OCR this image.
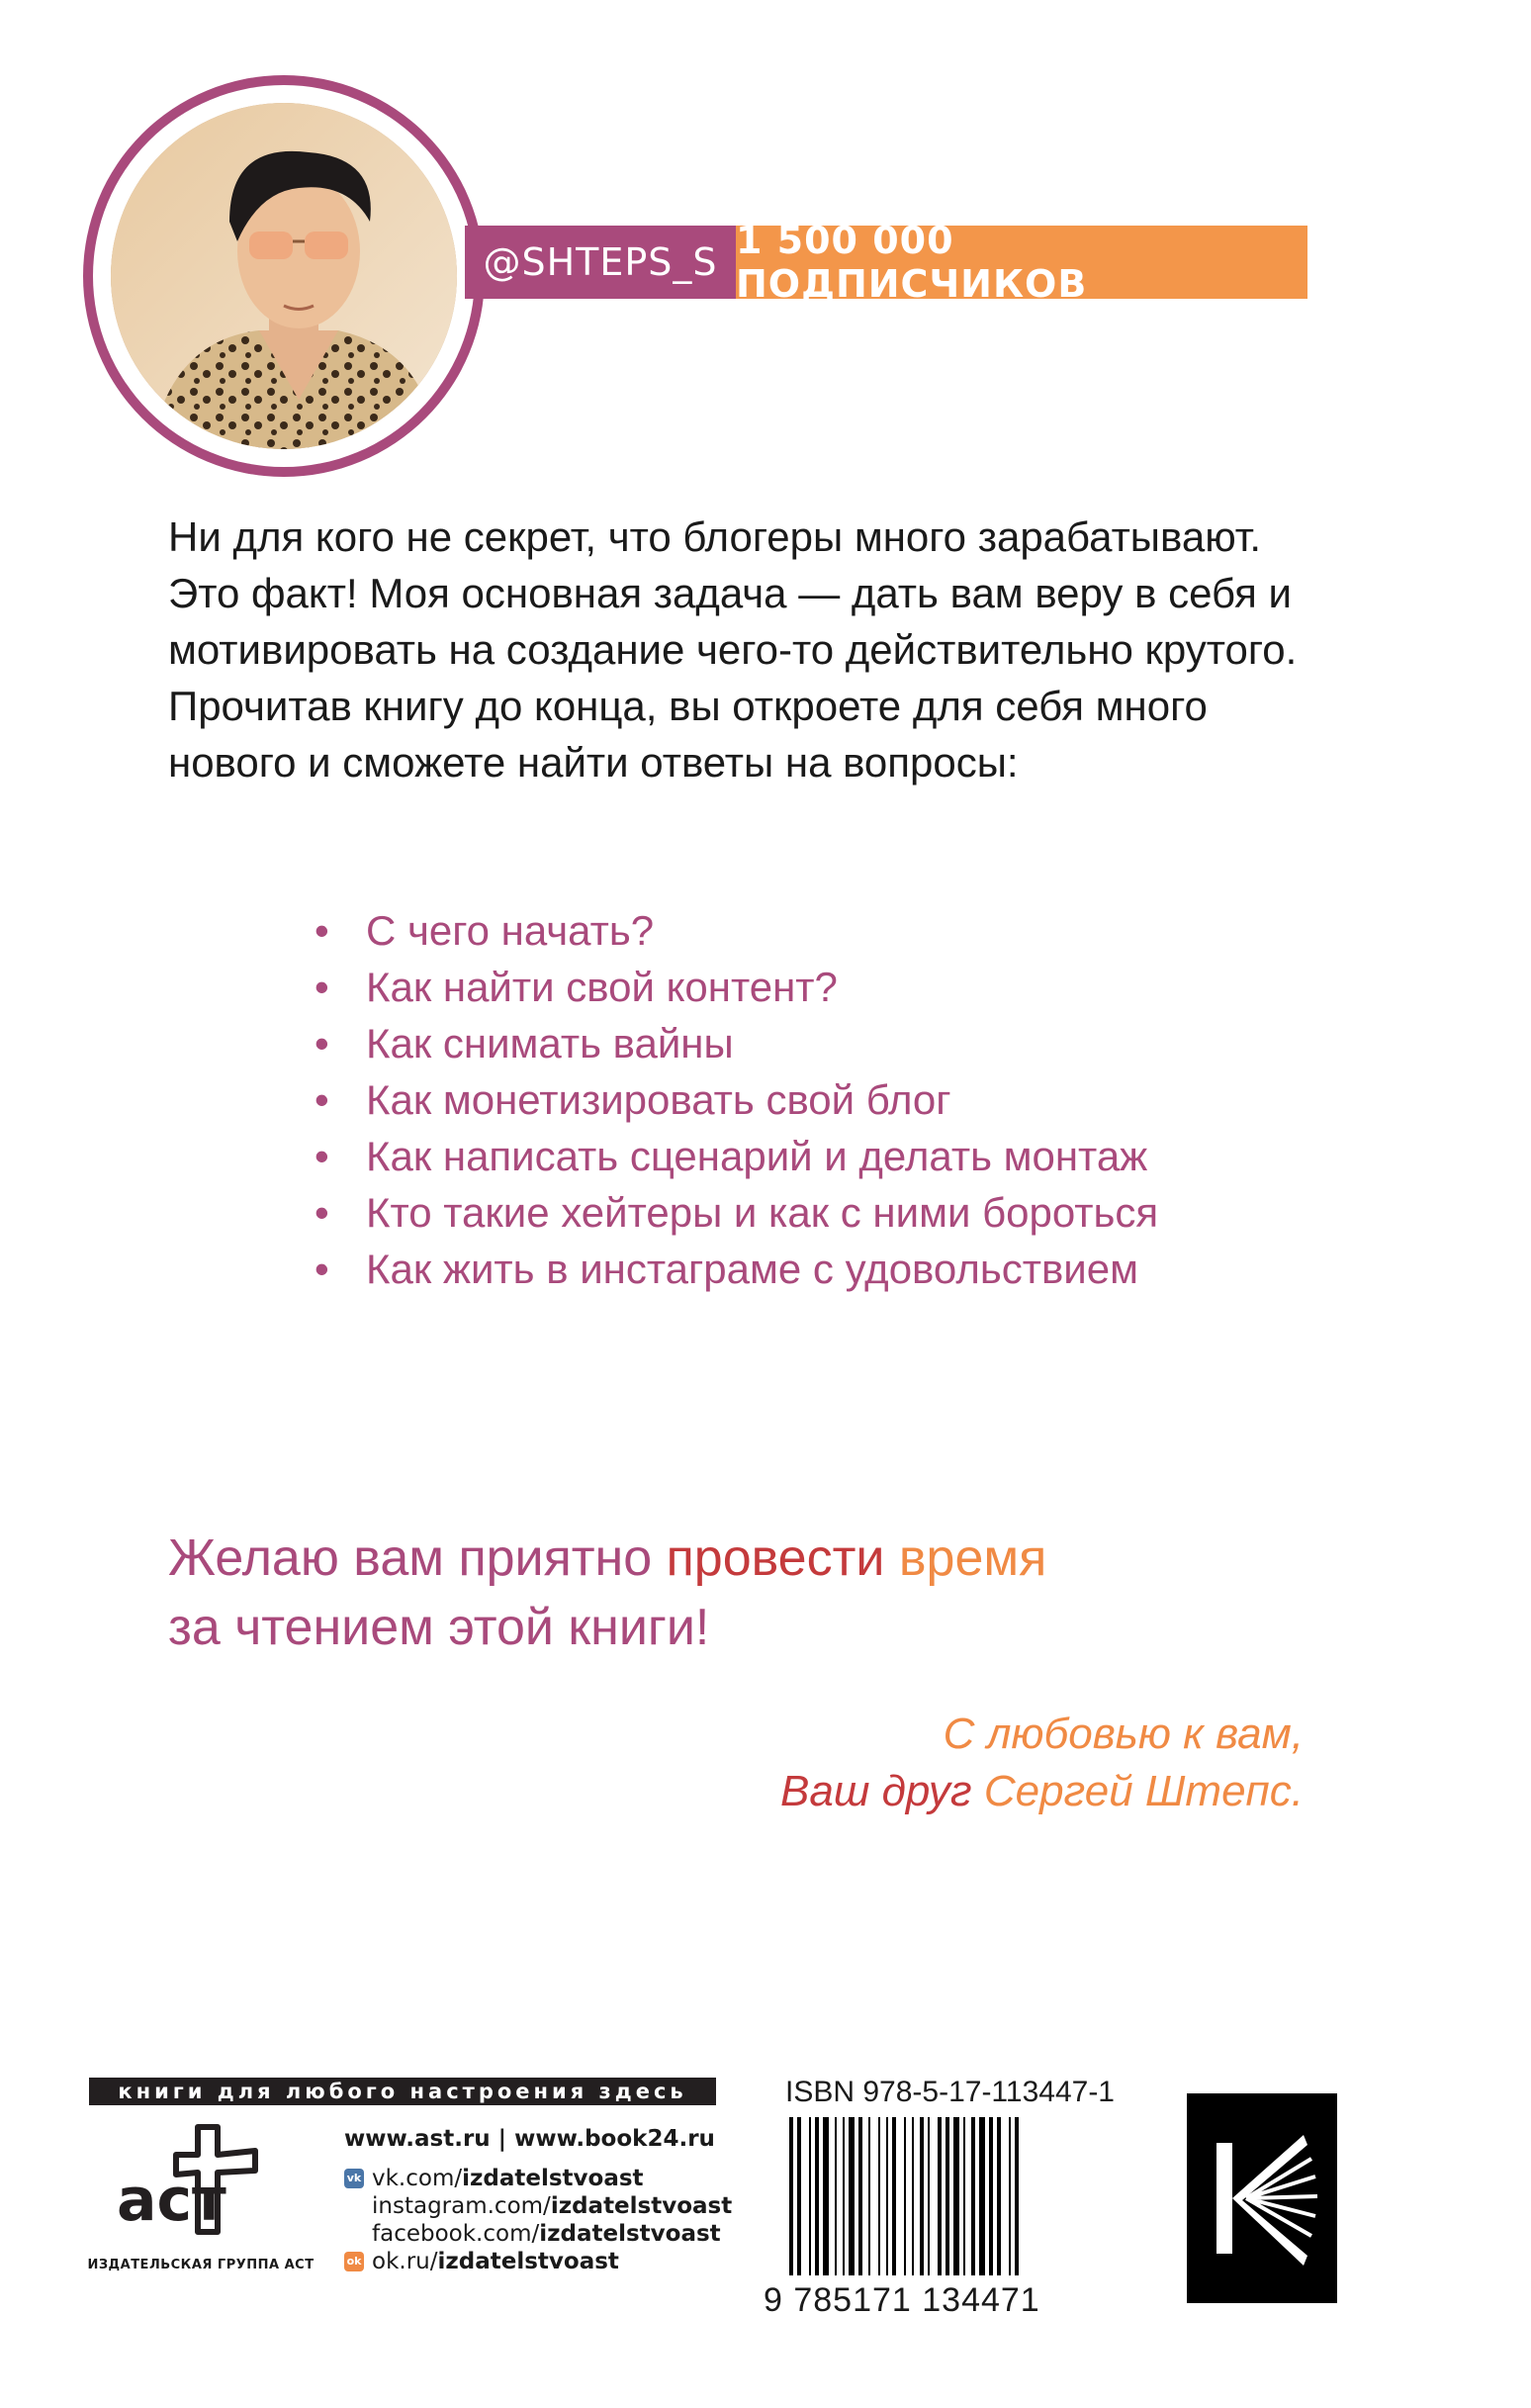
@SHTEPS_S 1 500 000 ПОДПИСЧИКОВ

Ни для кого не секрет, что блогеры много зарабатывают. Это факт! Моя основная задача — дать вам веру в себя и мотивировать на создание чего-то действительно крутого.

Прочитав книгу до конца, вы откроете для себя много нового и сможете найти ответы на вопросы:

• С чего начать?
• Как найти свой контент?
• Как снимать вайны
• Как монетизировать свой блог
• Как написать сценарий и делать монтаж
• Кто такие хейтеры и как с ними бороться
• Как жить в инстаграме с удовольствием
Желаю вам приятно провести время
за чтением этой книги!
С любовью к вам,
Ваш друг Сергей Штепс.
книги для любого настроения здесь
аст
ИЗДАТЕЛЬСКАЯ ГРУППА АСТ
www.ast.ru | www.book24.ru
vk vk.com/ izdatelstvoast
instagram.com/ izdatelstvoast
facebook.com/ izdatelstvoast
ok ok.ru/ izdatelstvoast
ISBN 978-5-17-113447-1
9 785171 134471
